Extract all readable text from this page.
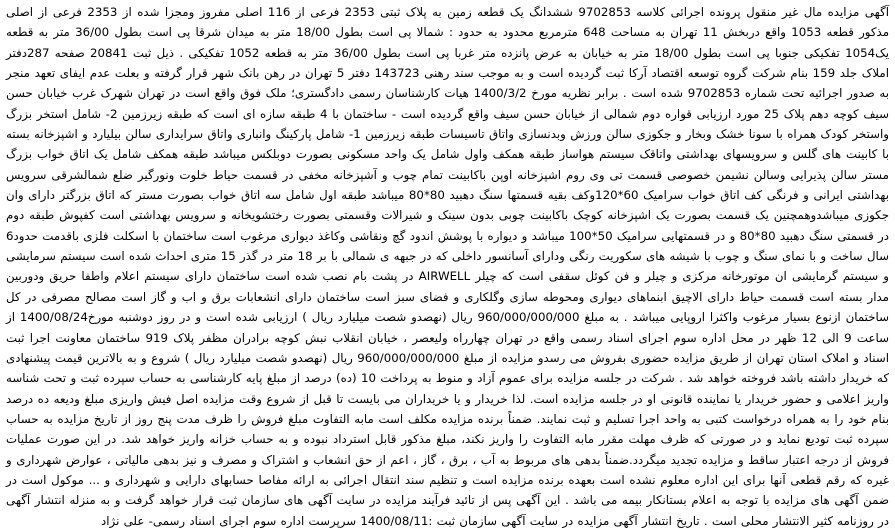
آگهی مزایده مال غیر منقول پرونده اجرائی کلاسه 9702853 ششدانگ یک قطعه زمین به پلاک ثبتی 2353 فرعی از 116 اصلی مفروز ومجزا شده از 2353 فرعی از اصلی مذکور قطعه 1053 واقع دربخش 11 تهران به مساحت 648 مترمربع محدود به حدود : شمالا پی است بطول 18/00 متر به میدان شرقا پی است بطول 36/00 متر به قطعه یک1054 تفکیکی جنوبا پی است بطول 18/00 متر به خیابان به عرض پانزده متر غربا پی است بطول 36/00 متر به قطعه 1052 تفکیکی . ذیل ثبت 20841 صفحه 287دفتر املاک جلد 159 بنام شرکت گروه توسعه اقتصاد آرکا ثبت گردیده است و به موجب سند رهنی 143723 دفتر 5 تهران در رهن بانک شهر قرار گرفته و بعلت عدم ایفای تعهد منجر به صدور اجرائیه تحت شماره 9702853 شده است . برابر نظریه مورخ 1400/3/2 هیات کارشناسان رسمی دادگستری؛ ملک فوق واقع است در تهران شهرک غرب خیابان حسن سیف کوچه دهم پلاک 25 مورد ارزیابی قواره دوم شمالی از خیابان حسن سیف واقع گردیده است - ساختمان با 4 طبقه سازه ای است که طبقه زیرزمین 2- شامل استخر بزرگ واستخر کودک همراه با سونا خشک وبخار و جکوزی سالن ورزش وبدنسازی واتاق تاسیسات طبقه زیرزمین 1- شامل پارکینگ وانباری واتاق سرایداری سالن بیلیارد و اشپزخانه بسته با کابینت های گلس و سرویسهای بهداشتی واتاقک سیستم هواساز طبقه همکف واول شامل یک واحد مسکونی بصورت دوبلکس میباشد طبقه همکف شامل یک اتاق خواب بزرگ مستر سالن پذیرایی وسالن نشیمن خصوصی قسمت تی وی روم اشپزخانه اوپن باکابینت تمام چوب و آشپزخانه مخفی در قسمت حیاط خلوت ونورگیر ضلع شمالشرقی سرویس بهداشتی ایرانی و فرنگی کف اتاق خواب سرامیک 60*120وکف بقیه قسمتها سنگ دهبید 80*80 میباشد طبقه اول شامل سه اتاق خواب بصورت مستر که اتاق بزرگتر دارای وان جکوزی میباشدوهمچنین یک قسمت بصورت یک اشپزخانه کوچک باکابینت چوبی بدون سینک و شیرالات وقسمتی بصورت رختشویخانه و سرویس بهداشتی است کفپوش طبقه دوم در قسمتی سنگ دهبید 80*80 و در قسمتهایی سرامیک 50*100 میباشد و دیواره با پوشش اندود گچ ونقاشی وکاغذ دیواری مرغوب است ساختمان با اسکلت فلزی باقدمت حدود6 سال ساخت و با نمای سنگ و چوب با شیشه های سکوریت رنگی ودارای آسانسور داخلی که در جبهه ی شمالی با بر 18 متر در گذر 15 متری احداث شده است سیستم سرمایشی و سیستم گرمایشی ان موتورخانه مرکزی و چیلر و فن کوئل سقفی است که چیلر AIRWELL در پشت بام نصب شده است ساختمان دارای سیستم اعلام واطفا حریق ودوربین مدار بسته است قسمت حیاط دارای الاچیق ابنماهای دیواری ومحوطه سازی وگلکاری و فضای سبز است ساختمان دارای انشعابات برق و اب و گاز است مصالح مصرفی در کل ساختمان ازنوع بسیار مرغوب واکثرا اروپایی میباشد . به مبلغ 960/000/000/000 ریال (نهصدو شصت میلیارد ریال ) ارزیابی شده است و در روز دوشنبه مورخ1400/08/24 از ساعت 9 الی 12 ظهر در محل اداره سوم اجرای اسناد رسمی واقع در تهران چهارراه ولیعصر ، خیابان انقلاب نبش کوچه برادران مظفر پلاک 919 ساختمان معاونت اجرا ثبت اسناد و املاک استان تهران از طریق مزایده حضوری بفروش می رسدو مزایده از مبلغ 960/000/000/000 ریال (نهصدو شصت میلیارد ریال ) شروع و به بالاترین قیمت پیشنهادی که خریدار داشته باشد فروخته خواهد شد . شرکت در جلسه مزایده برای عموم آزاد و منوط به پرداخت 10 (ده) درصد از مبلغ پایه کارشناسی به حساب سپرده ثبت و تحت شناسه واریز اعلامی و حضور خریدار یا نماینده قانونی او در جلسه مزایده است. لذا خریدار و یا خریداران می بایست تا قبل از شروع وقت مزایده اصل فیش واریزی مبلغ ودیعه ده درصد بنام خود را به همراه درخواست کتبی به واحد اجرا تسلیم و ثبت نمایند. ضمناً برنده مزایده مکلف است مابه التفاوت مبلغ فروش را ظرف مدت پنج روز از تاریخ مزایده به حساب سپرده ثبت تودیع نماید و در صورتی که ظرف مهلت مقرر مابه التفاوت را واریز نکند، مبلغ مذکور قابل استرداد نبوده و به حساب خزانه واریز خواهد شد. در این صورت عملیات فروش از درجه اعتبار ساقط و مزایده تجدید میگردد.ضمناً بدهی های مربوط به آب ، برق ، گاز ، اعم از حق انشعاب و اشتراک و مصرف و نیز بدهی مالیاتی ، عوارض شهرداری و غیره که رقم قطعی آنها برای این اداره معلوم نشده است بعهده برنده مزایده است و تنظیم سند انتقال اجرائی به ارائه مفاصا حسابهای دارایی و شهرداری و ... موکول است در ضمن آگهی های مزایده با توجه به اعلام بستانکار بیمه می باشد . این آگهی پس از تائید فرآیند مزایده در سایت آگهی های سازمان ثبت قرار خواهد گرفت و به منزله انتشار آگهی در روزنامه کثیر الانتشار محلی است . تاریخ انتشار آگهی مزایده در سایت آگهی سازمان ثبت :1400/08/11 سرپرست اداره سوم اجرای اسناد رسمی- علی نژاد
